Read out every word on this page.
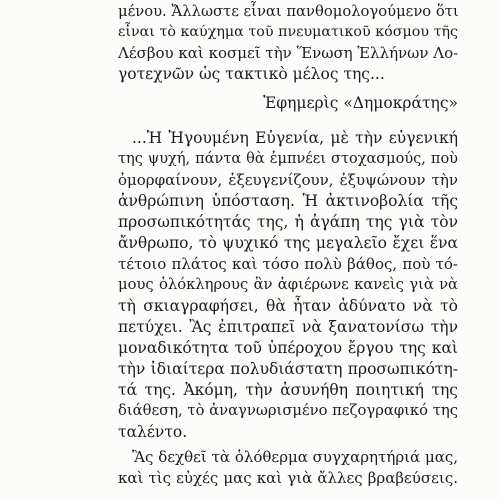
μένου. Ἄλλωστε εἶναι πανθομολογούμενο ὅτι
εἶναι τὸ καύχημα τοῦ πνευματικοῦ κόσμου τῆς
Λέσβου καὶ κοσμεῖ τὴν Ἕνωση Ἑλλήνων Λο-
γοτεχνῶν ὡς τακτικὸ μέλος της...
Ἐφημερὶς «Δημοκράτης»
...Ἡ Ἡγουμένη Εὐγενία, μὲ τὴν εὐγενική
της ψυχή, πάντα θὰ ἐμπνέει στοχασμούς, ποὺ
ὀμορφαίνουν, ἐξευγενίζουν, ἐξυψώνουν τὴν
ἀνθρώπινη ὑπόσταση. Ἡ ἀκτινοβολία τῆς
προσωπικότητάς της, ἡ ἀγάπη της γιὰ τὸν
ἄνθρωπο, τὸ ψυχικό της μεγαλεῖο ἔχει ἕνα
τέτοιο πλάτος καὶ τόσο πολὺ βάθος, ποὺ τό-
μους ὁλόκληρους ἂν ἀφιέρωνε κανεὶς γιὰ νὰ
τὴ σκιαγραφήσει, θὰ ἦταν ἀδύνατο νὰ τὸ
πετύχει. Ἂς ἐπιτραπεῖ νὰ ξανατονίσω τὴν
μοναδικότητα τοῦ ὑπέροχου ἔργου της καὶ
τὴν ἰδιαίτερα πολυδιάστατη προσωπικότη-
τά της. Ἀκόμη, τὴν ἀσυνήθη ποιητική της
διάθεση, τὸ ἀναγνωρισμένο πεζογραφικό της
ταλέντο.
Ἂς δεχθεῖ τὰ ὁλόθερμα συγχαρητήριά μας,
καὶ τὶς εὐχές μας καὶ γιὰ ἄλλες βραβεύσεις.
